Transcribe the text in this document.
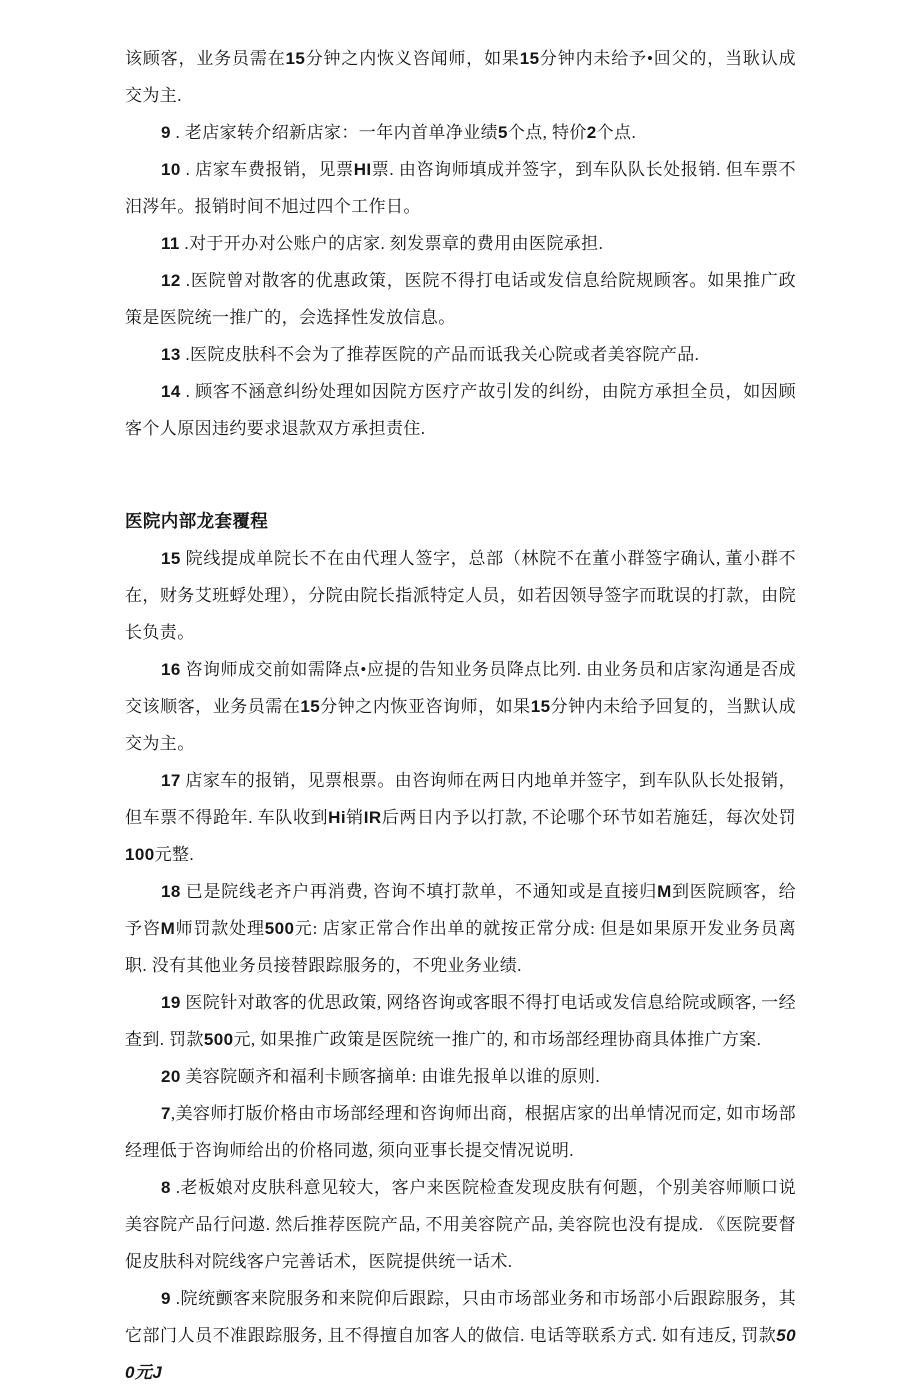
该顾客，业务员需在15分钟之内恢义咨闻师，如果15分钟内未给予•回父的，当耿认成交为主.

9 . 老店家转介绍新店家：一年内首单净业绩5个点, 特价2个点.

10 . 店家车费报销，见票HI票. 由咨询师填成并签字，到车队队长处报销. 但车票不汨涔年。报销时间不旭过四个工作日。

11 .对于开办对公账户的店家. 刻发票章的费用由医院承担.

12 .医院曾对散客的优惠政策，医院不得打电话或发信息给院规顾客。如果推广政策是医院统一推广的，会选择性发放信息。

13 .医院皮肤科不会为了推荐医院的产品而诋我关心院或者美容院产品.

14 . 顾客不涵意纠纷处理如因院方医疗产故引发的纠纷，由院方承担全员，如因顾客个人原因违约要求退款双方承担责住.

医院内部龙套覆程

15 院线提成单院长不在由代理人签字，总部（林院不在董小群签字确认, 董小群不在，财务艾班蜉处理），分院由院长指派特定人员，如若因领导签字而耽误的打款，由院长负责。

16 咨询师成交前如需降点•应提的告知业务员降点比列. 由业务员和店家沟通是否成交该顺客，业务员需在15分钟之内恢亚咨询师，如果15分钟内未给予回复的，当默认成交为主。

17 店家车的报销，见票根票。由咨询师在两日内地单并签字，到车队队长处报销，但车票不得跄年. 车队收到Hi销IR后两日内予以打款, 不论哪个环节如若施廷，每次处罚100元整.

18 已是院线老齐户再消费, 咨询不填打款单，不通知或是直接归M到医院顾客，给予咨M师罚款处理500元: 店家正常合作出单的就按正常分成: 但是如果原开发业务员离职. 没有其他业务员接替跟踪服务的，不兜业务业绩.

19 医院针对敢客的优思政策, 网络咨询或客眼不得打电话或发信息给院或顾客, 一经查到. 罚款500元, 如果推广政策是医院统一推广的, 和市场部经理协商具体推广方案.

20 美容院颐齐和福利卡顾客摘单: 由谁先报单以谁的原则.

7,美容师打版价格由市场部经理和咨询师出商，根据店家的出单情况而定, 如市场部经理低于咨询师给出的价格同遨, 须向亚事长提交情况说明.

8 .老板娘对皮肤科意见较大，客户来医院检查发现皮肤有何题，个别美容师顺口说美容院产品行问遨. 然后推荐医院产品, 不用美容院产品, 美容院也没有提成. 《医院要督促皮肤科对院线客户完善话术，医院提供统一话术.

9 .院统颤客来院服务和来院仰后跟踪，只由市场部业务和市场部小后跟踪服务，其它部门人员不准跟踪服务, 且不得擅自加客人的做信. 电话等联系方式. 如有违反, 罚款500元J
